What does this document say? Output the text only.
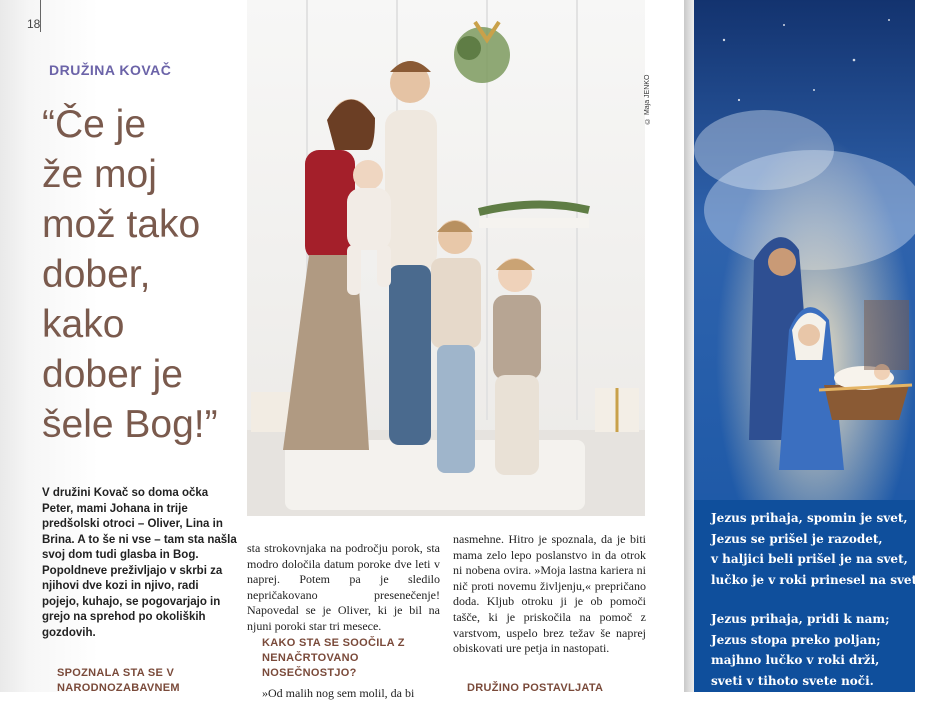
18
DRUŽINA KOVAČ
“Če je
že moj
mož tako
dober,
kako
dober je
šele Bog!”
V družini Kovač so doma očka Peter, mami Johana in trije predšolski otroci – Oliver, Lina in Brina. A to še ni vse – tam sta našla svoj dom tudi glasba in Bog. Popoldneve preživljajo v skrbi za njihovi dve kozi in njivo, radi pojejo, kuhajo, se pogovarjajo in grejo na sprehod po okoliških gozdovih.
SPOZNALA STA SE V NARODNOZABAVNEM
© Maja JENKO
sta strokovnjaka na področju porok, sta modro določila datum poroke dve leti v naprej. Potem pa je sledilo nepričakovano presenečenje! Napovedal se je Oliver, ki je bil na njuni poroki star tri mesece.
KAKO STA SE SOOČILA Z NENAČRTOVANO NOSEČNOSTJO?
»Od malih nog sem molil, da bi
nasmehne. Hitro je spoznala, da je biti mama zelo lepo poslanstvo in da otrok ni nobena ovira. »Moja lastna kariera ni nič proti novemu življenju,« prepričano doda. Kljub otroku ji je ob pomoči tašče, ki je priskočila na pomoč z varstvom, uspelo brez težav še naprej obiskovati ure petja in nastopati.
DRUŽINO POSTAVLJATA
Jezus prihaja, spomin je svet,
Jezus se prišel je razodet,
v haljici beli prišel je na svet,
lučko je v roki prinesel na svet.
Jezus prihaja, pridi k nam;
Jezus stopa preko poljan;
majhno lučko v roki drži,
sveti v tihoto svete noči.
